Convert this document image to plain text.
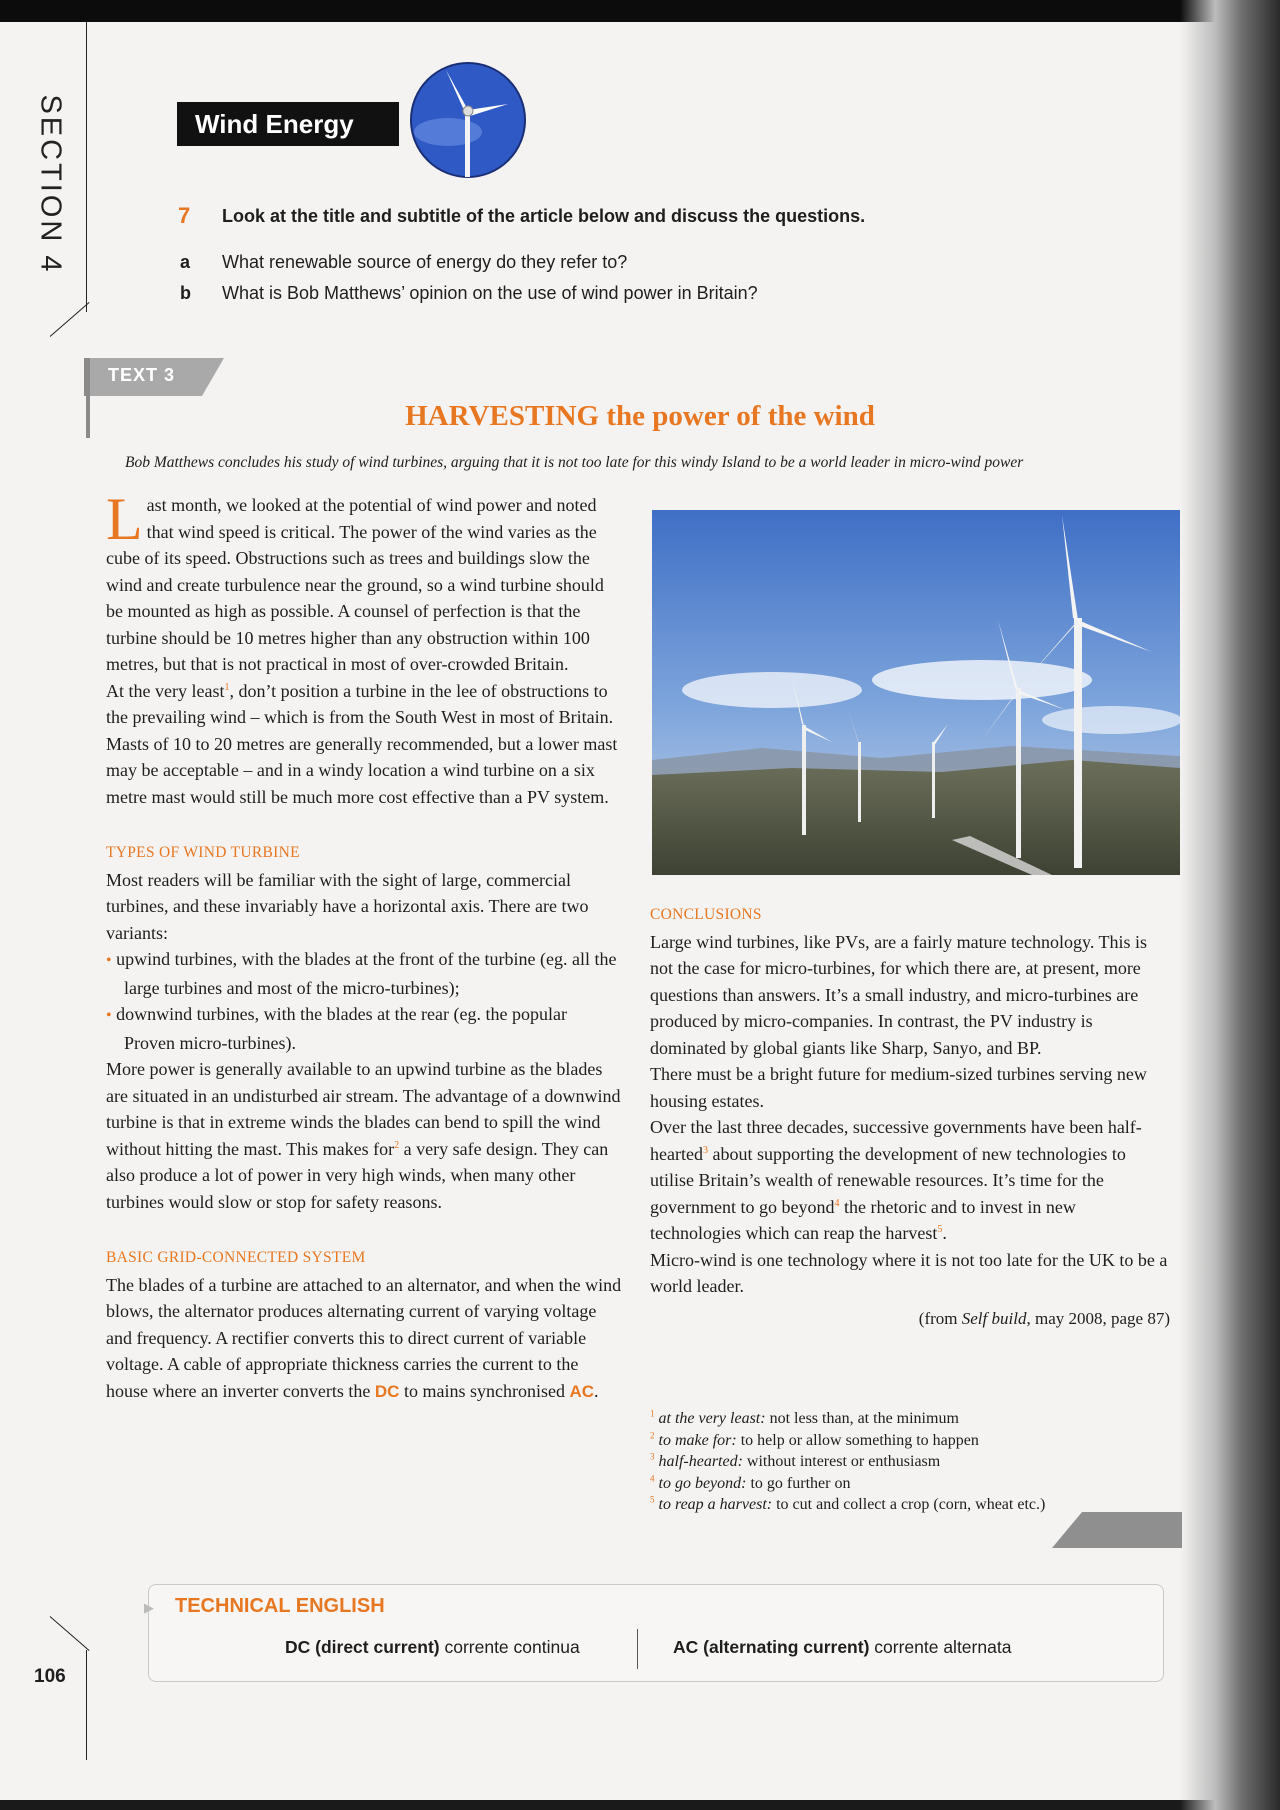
SECTION 4
106
Wind Energy
7 Look at the title and subtitle of the article below and discuss the questions.
a What renewable source of energy do they refer to?
b What is Bob Matthews’ opinion on the use of wind power in Britain?
TEXT 3
HARVESTING the power of the wind
Bob Matthews concludes his study of wind turbines, arguing that it is not too late for this windy Island to be a world leader in micro-wind power

Last month, we looked at the potential of wind power and noted that wind speed is critical. The power of the wind varies as the cube of its speed. Obstructions such as trees and buildings slow the wind and create turbulence near the ground, so a wind turbine should be mounted as high as possible. A counsel of perfection is that the turbine should be 10 metres higher than any obstruction within 100 metres, but that is not practical in most of over-crowded Britain.

At the very least$^1$, don’t position a turbine in the lee of obstructions to the prevailing wind – which is from the South West in most of Britain. Masts of 10 to 20 metres are generally recommended, but a lower mast may be acceptable – and in a windy location a wind turbine on a six metre mast would still be much more cost effective than a PV system.

TYPES OF WIND TURBINE

Most readers will be familiar with the sight of large, commercial turbines, and these invariably have a horizontal axis. There are two variants:

• upwind turbines, with the blades at the front of the turbine (eg. all the large turbines and most of the micro-turbines);

• downwind turbines, with the blades at the rear (eg. the popular Proven micro-turbines).

More power is generally available to an upwind turbine as the blades are situated in an undisturbed air stream. The advantage of a downwind turbine is that in extreme winds the blades can bend to spill the wind without hitting the mast. This makes for$^2$ a very safe design. They can also produce a lot of power in very high winds, when many other turbines would slow or stop for safety reasons.

BASIC GRID-CONNECTED SYSTEM

The blades of a turbine are attached to an alternator, and when the wind blows, the alternator produces alternating current of varying voltage and frequency. A rectifier converts this to direct current of variable voltage. A cable of appropriate thickness carries the current to the house where an inverter converts the DC to mains synchronised AC.

CONCLUSIONS

Large wind turbines, like PVs, are a fairly mature technology. This is not the case for micro-turbines, for which there are, at present, more questions than answers. It’s a small industry, and micro-turbines are produced by micro-companies. In contrast, the PV industry is dominated by global giants like Sharp, Sanyo, and BP.

There must be a bright future for medium-sized turbines serving new housing estates.

Over the last three decades, successive governments have been half-hearted$^3$ about supporting the development of new technologies to utilise Britain’s wealth of renewable resources. It’s time for the government to go beyond$^4$ the rhetoric and to invest in new technologies which can reap the harvest$^5$.

Micro-wind is one technology where it is not too late for the UK to be a world leader.

(from Self build, may 2008, page 87)

$^1$ at the very least: not less than, at the minimum
$^2$ to make for: to help or allow something to happen
$^3$ half-hearted: without interest or enthusiasm
$^4$ to go beyond: to go further on
$^5$ to reap a harvest: to cut and collect a crop (corn, wheat etc.)
▶ TECHNICAL ENGLISH
DC (direct current) corrente continua	AC (alternating current) corrente alternata
